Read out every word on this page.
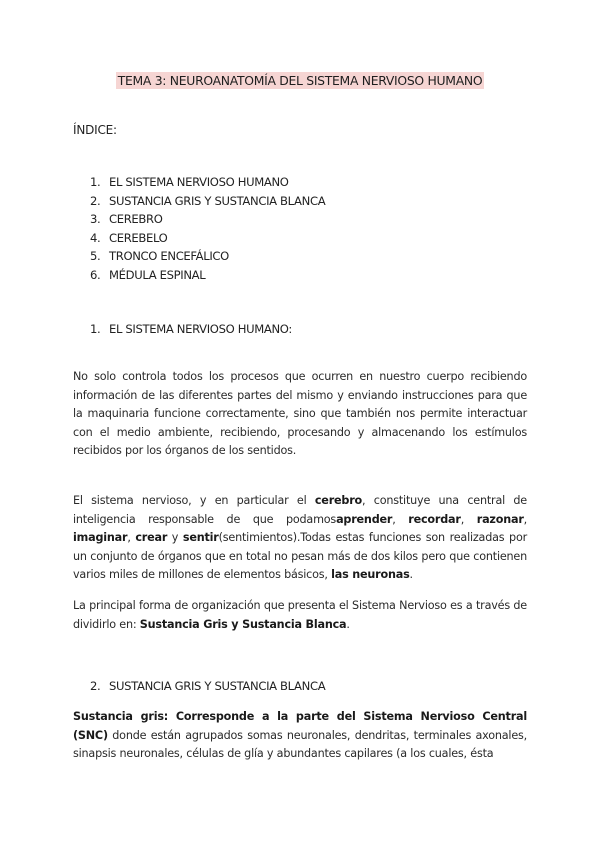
TEMA 3: NEUROANATOMÍA DEL SISTEMA NERVIOSO HUMANO
ÍNDICE:
1. EL SISTEMA NERVIOSO HUMANO
2. SUSTANCIA GRIS Y SUSTANCIA BLANCA
3. CEREBRO
4. CEREBELO
5. TRONCO ENCEFÁLICO
6. MÉDULA ESPINAL
1. EL SISTEMA NERVIOSO HUMANO:

No solo controla todos los procesos que ocurren en nuestro cuerpo recibiendo información de las diferentes partes del mismo y enviando instrucciones para que la maquinaria funcione correctamente, sino que también nos permite interactuar con el medio ambiente, recibiendo, procesando y almacenando los estímulos recibidos por los órganos de los sentidos.

El sistema nervioso, y en particular el cerebro, constituye una central de inteligencia responsable de que podamosaprender, recordar, razonar, imaginar, crear y sentir(sentimientos).Todas estas funciones son realizadas por un conjunto de órganos que en total no pesan más de dos kilos pero que contienen varios miles de millones de elementos básicos, las neuronas.

La principal forma de organización que presenta el Sistema Nervioso es a través de dividirlo en: Sustancia Gris y Sustancia Blanca.

2. SUSTANCIA GRIS Y SUSTANCIA BLANCA

Sustancia gris: Corresponde a la parte del Sistema Nervioso Central (SNC) donde están agrupados somas neuronales, dendritas, terminales axonales, sinapsis neuronales, células de glía y abundantes capilares (a los cuales, ésta
